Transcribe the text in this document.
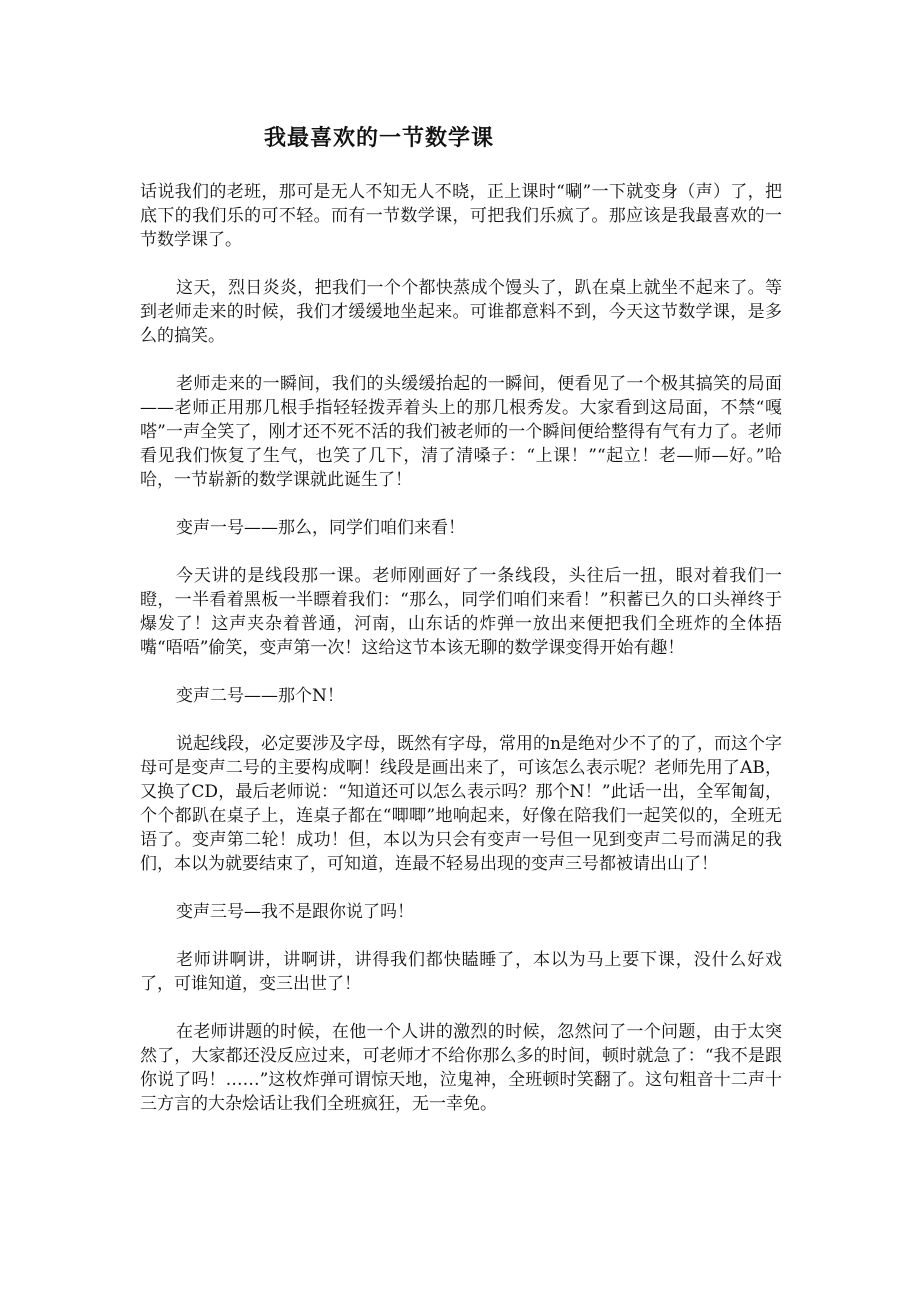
我最喜欢的一节数学课

话说我们的老班，那可是无人不知无人不晓，正上课时“唰”一下就变身（声）了，把底下的我们乐的可不轻。而有一节数学课，可把我们乐疯了。那应该是我最喜欢的一节数学课了。

这天，烈日炎炎，把我们一个个都快蒸成个馒头了，趴在桌上就坐不起来了。等到老师走来的时候，我们才缓缓地坐起来。可谁都意料不到，今天这节数学课，是多么的搞笑。

老师走来的一瞬间，我们的头缓缓抬起的一瞬间，便看见了一个极其搞笑的局面——老师正用那几根手指轻轻拨弄着头上的那几根秀发。大家看到这局面，不禁“嘎嗒”一声全笑了，刚才还不死不活的我们被老师的一个瞬间便给整得有气有力了。老师看见我们恢复了生气，也笑了几下，清了清嗓子：“上课！”“起立！老—师—好。”哈哈，一节崭新的数学课就此诞生了！

变声一号——那么，同学们咱们来看！

今天讲的是线段那一课。老师刚画好了一条线段，头往后一扭，眼对着我们一瞪，一半看着黑板一半瞟着我们：“那么，同学们咱们来看！”积蓄已久的口头禅终于爆发了！这声夹杂着普通，河南，山东话的炸弹一放出来便把我们全班炸的全体捂嘴“唔唔”偷笑，变声第一次！这给这节本该无聊的数学课变得开始有趣！

变声二号——那个N！

说起线段，必定要涉及字母，既然有字母，常用的n是绝对少不了的了，而这个字母可是变声二号的主要构成啊！线段是画出来了，可该怎么表示呢？老师先用了AB，又换了CD，最后老师说：“知道还可以怎么表示吗？那个N！”此话一出，全军匍匐，个个都趴在桌子上，连桌子都在“唧唧”地响起来，好像在陪我们一起笑似的，全班无语了。变声第二轮！成功！但，本以为只会有变声一号但一见到变声二号而满足的我们，本以为就要结束了，可知道，连最不轻易出现的变声三号都被请出山了！

变声三号—我不是跟你说了吗！

老师讲啊讲，讲啊讲，讲得我们都快瞌睡了，本以为马上要下课，没什么好戏了，可谁知道，变三出世了！

在老师讲题的时候，在他一个人讲的激烈的时候，忽然问了一个问题，由于太突然了，大家都还没反应过来，可老师才不给你那么多的时间，顿时就急了：“我不是跟你说了吗！……”这枚炸弹可谓惊天地，泣鬼神，全班顿时笑翻了。这句粗音十二声十三方言的大杂烩话让我们全班疯狂，无一幸免。
